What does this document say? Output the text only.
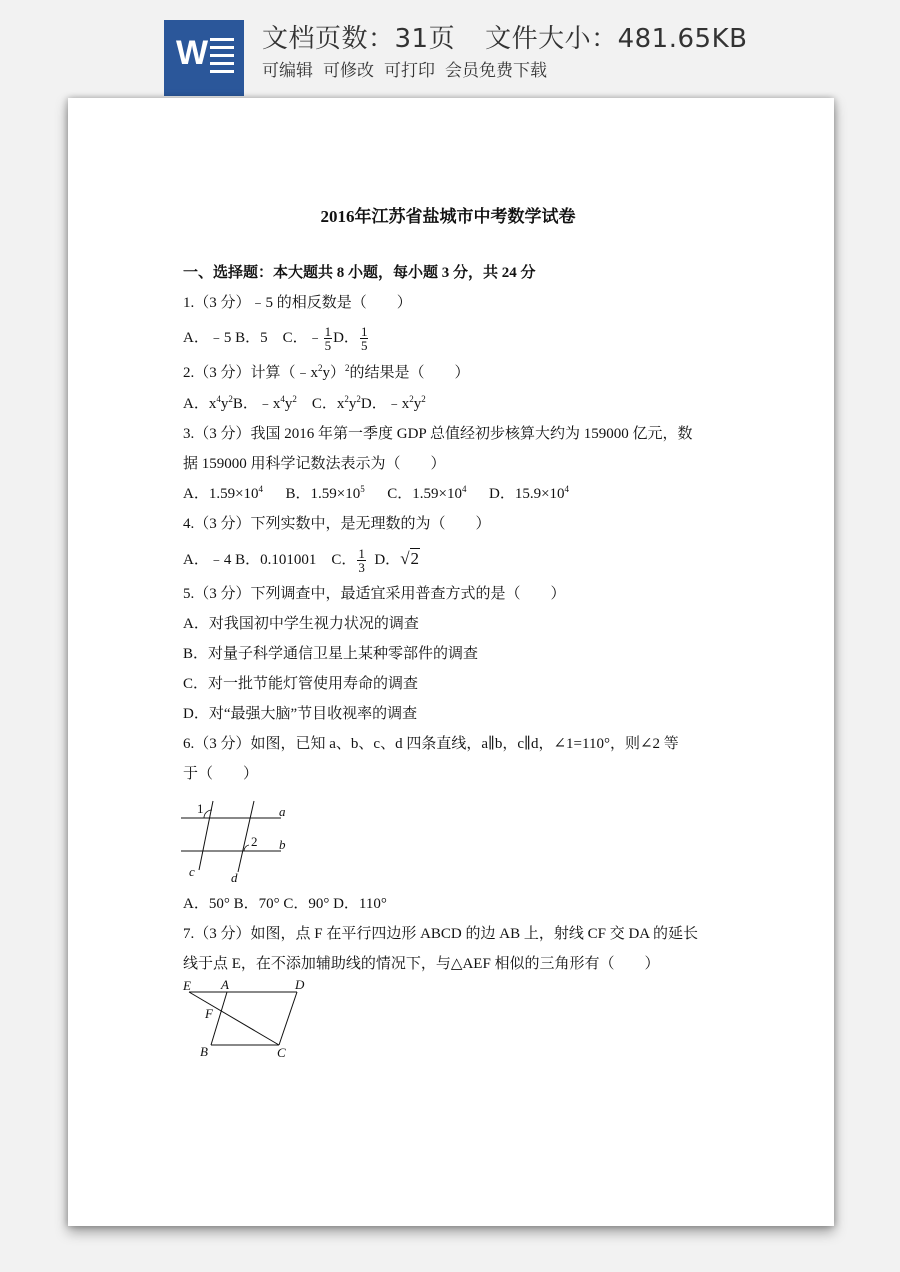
W 文档页数：31页 文件大小：481.65KB
可编辑 可修改 可打印 会员免费下载
2016年江苏省盐城市中考数学试卷
一、选择题：本大题共 8 小题，每小题 3 分，共 24 分
1.（3 分）﹣5 的相反数是（　　）
A．﹣5 B．5　C．﹣ $\frac{1}{5}$ D． $\frac{1}{5}$
2.（3 分）计算$(﹣x^2y)^2$的结果是（　　）
A．$x^4y^2B$．$﹣x^4y^2$  C．$x^2y^2D$．$﹣x^2y^2$
3.（3 分）我国 2016 年第一季度 GDP 总值经初步核算大约为 159000 亿元，数
据 159000 用科学记数法表示为（　　）
A．$1.59\times 10^4$   B．$1.59\times 10^5$   C．$1.59\times 10^4$   D．$15.9\times 10^4$
4.（3 分）下列实数中，是无理数的为（　　）
A．﹣4 B．0.101001　C． $\frac{1}{3}$
  D．√2
5.（3 分）下列调查中，最适宜采用普查方式的是（　　）
A．对我国初中学生视力状况的调查
B．对量子科学通信卫星上某种零部件的调查
C．对一批节能灯管使用寿命的调查
D．对“最强大脑”节目收视率的调查
6.（3 分）如图，已知 a、b、c、d 四条直线，a∥b，c∥d，∠1=110°，则∠2 等
于（　　）
1	a
2 b
c	d
A．50° B．70° C．90° D．110°
7.（3 分）如图，点 F 在平行四边形 ABCD 的边 AB 上，射线 CF 交 DA 的延长
线于点 E，在不添加辅助线的情况下，与△AEF 相似的三角形有（　　）
E A	D
F
B	C
